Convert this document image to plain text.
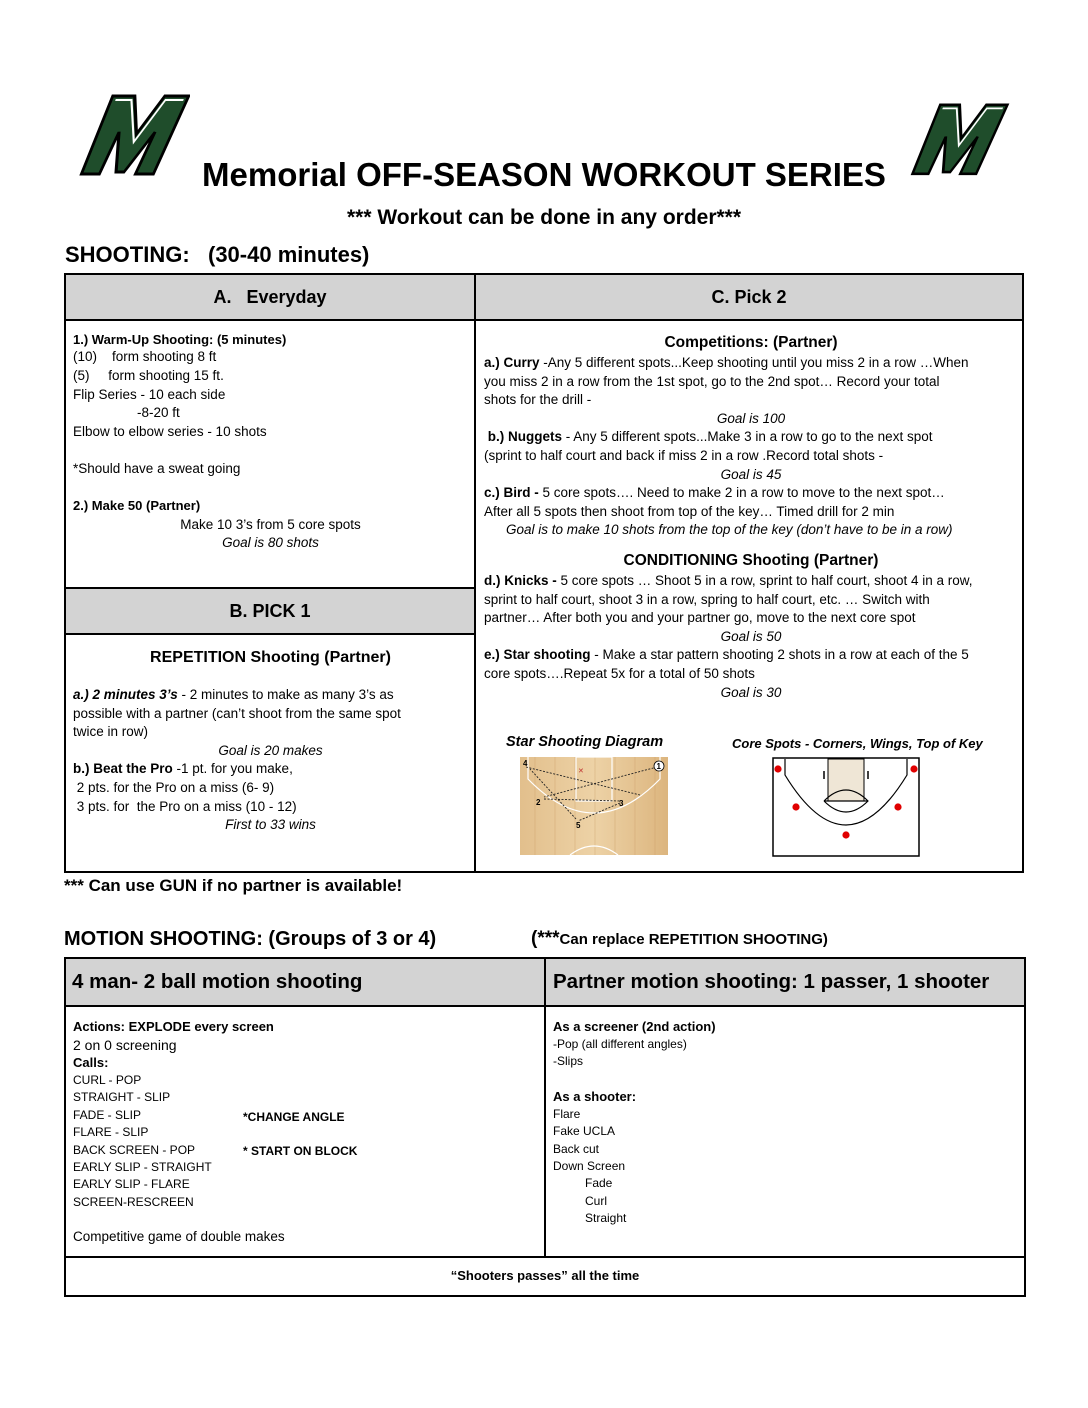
Memorial OFF-SEASON WORKOUT SERIES
*** Workout can be done in any order***
SHOOTING:   (30-40 minutes)
A.   Everyday	C. Pick 2
B. PICK 1
1.) Warm-Up Shooting: (5 minutes)
(10)    form shooting 8 ft
(5)     form shooting 15 ft.
Flip Series - 10 each side
-8-20 ft
Elbow to elbow series - 10 shots
*Should have a sweat going
2.) Make 50 (Partner)
Make 10 3’s from 5 core spots
Goal is 80 shots
REPETITION Shooting (Partner)
a.) 2 minutes 3’s - 2 minutes to make as many 3’s as
possible with a partner (can’t shoot from the same spot
twice in row)
Goal is 20 makes
b.) Beat the Pro -1 pt. for you make,
2 pts. for the Pro on a miss (6- 9)
3 pts. for  the Pro on a miss (10 - 12)
First to 33 wins
Competitions: (Partner)
a.) Curry -Any 5 different spots...Keep shooting until you miss 2 in a row …When
you miss 2 in a row from the 1st spot, go to the 2nd spot… Record your total
shots for the drill -
Goal is 100
b.) Nuggets - Any 5 different spots...Make 3 in a row to go to the next spot
(sprint to half court and back if miss 2 in a row .Record total shots -
Goal is 45
c.) Bird - 5 core spots…. Need to make 2 in a row to move to the next spot…
After all 5 spots then shoot from top of the key… Timed drill for 2 min
Goal is to make 10 shots from the top of the key (don’t have to be in a row)
CONDITIONING Shooting (Partner)
d.) Knicks - 5 core spots … Shoot 5 in a row, sprint to half court, shoot 4 in a row,
sprint to half court, shoot 3 in a row, spring to half court, etc. … Switch with
partner… After both you and your partner go, move to the next core spot
Goal is 50
e.) Star shooting - Make a star pattern shooting 2 shots in a row at each of the 5
core spots….Repeat 5x for a total of 50 shots
Goal is 30
Star Shooting Diagram	Core Spots - Corners, Wings, Top of Key
✕
1
2	3
4
5
*** Can use GUN if no partner is available!
MOTION SHOOTING: (Groups of 3 or 4)	(***Can replace REPETITION SHOOTING)
4 man- 2 ball motion shooting	Partner motion shooting: 1 passer, 1 shooter
Actions: EXPLODE every screen
2 on 0 screening
Calls:
CURL - POP
STRAIGHT - SLIP
FADE - SLIP
FLARE - SLIP
BACK SCREEN - POP
EARLY SLIP - STRAIGHT
EARLY SLIP - FLARE
SCREEN-RESCREEN
Competitive game of double makes
*CHANGE ANGLE
* START ON BLOCK
As a screener (2nd action)
-Pop (all different angles)
-Slips
As a shooter:
Flare
Fake UCLA
Back cut
Down Screen
Fade
Curl
Straight
“Shooters passes” all the time
